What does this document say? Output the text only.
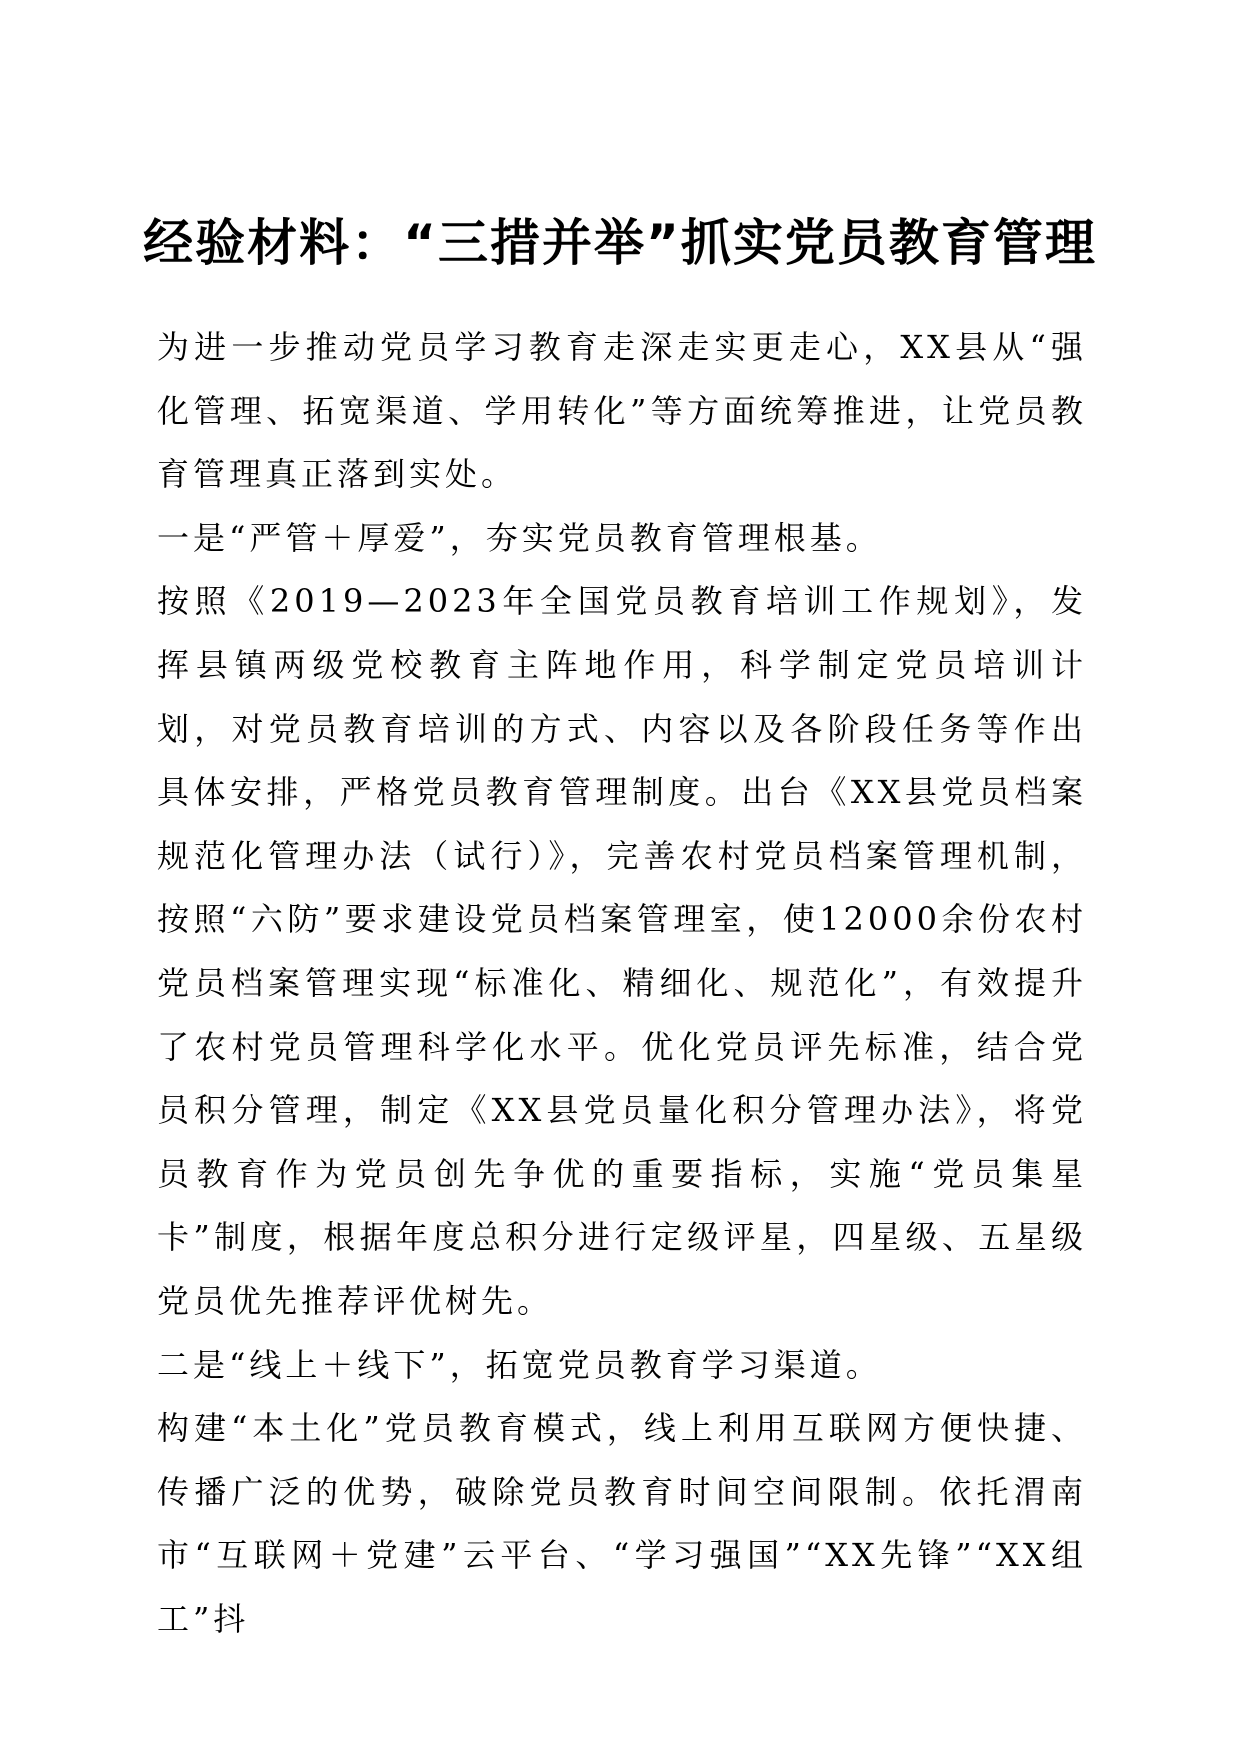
经验材料：“三措并举”抓实党员教育管理

为进一步推动党员学习教育走深走实更走心，XX县从“强化管理、拓宽渠道、学用转化”等方面统筹推进，让党员教育管理真正落到实处。

一是“严管＋厚爱”，夯实党员教育管理根基。

按照《2019—2023年全国党员教育培训工作规划》，发挥县镇两级党校教育主阵地作用，科学制定党员培训计划，对党员教育培训的方式、内容以及各阶段任务等作出具体安排，严格党员教育管理制度。出台《XX县党员档案规范化管理办法（试行）》，完善农村党员档案管理机制，按照“六防”要求建设党员档案管理室，使12000余份农村党员档案管理实现“标准化、精细化、规范化”，有效提升了农村党员管理科学化水平。优化党员评先标准，结合党员积分管理，制定《XX县党员量化积分管理办法》，将党员教育作为党员创先争优的重要指标，实施“党员集星卡”制度，根据年度总积分进行定级评星，四星级、五星级党员优先推荐评优树先。

二是“线上＋线下”，拓宽党员教育学习渠道。

构建“本土化”党员教育模式，线上利用互联网方便快捷、传播广泛的优势，破除党员教育时间空间限制。依托渭南市“互联网＋党建”云平台、“学习强国”“XX先锋”“XX组工”抖
